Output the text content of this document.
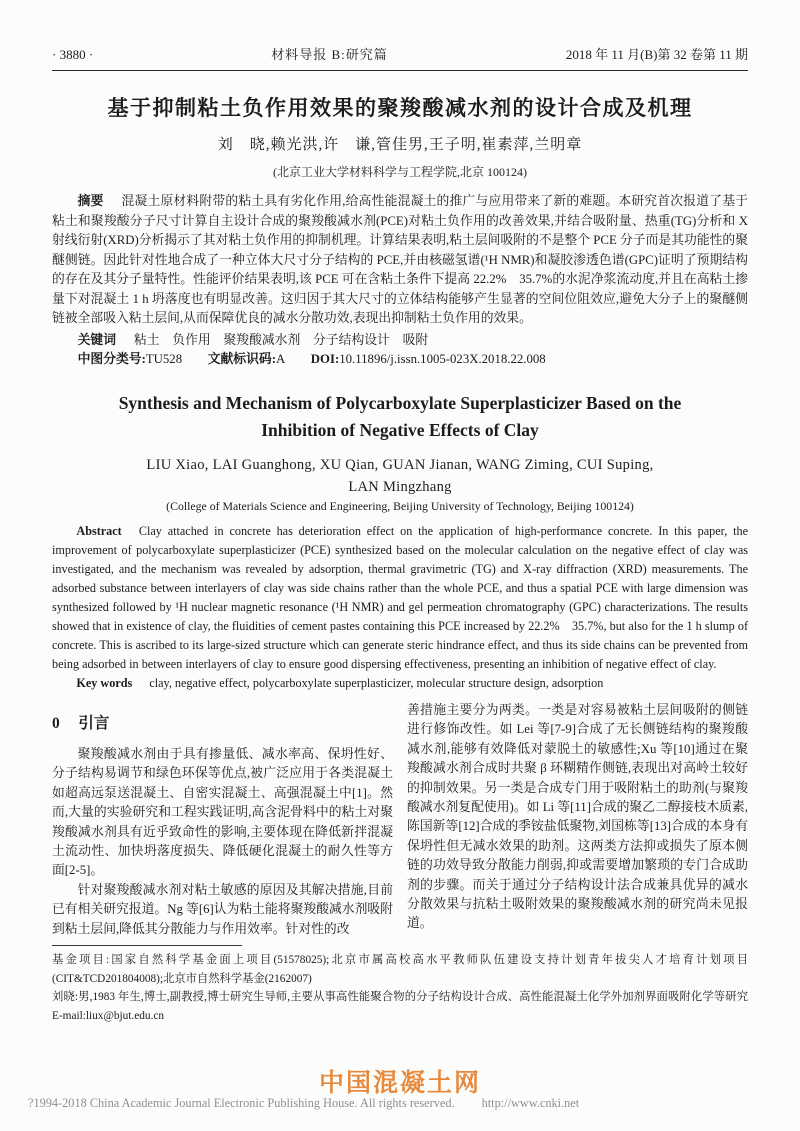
· 3880 ·	材料导报 B:研究篇	2018 年 11 月(B)第 32 卷第 11 期
基于抑制粘土负作用效果的聚羧酸减水剂的设计合成及机理
刘　晓,赖光洪,许　谦,管佳男,王子明,崔素萍,兰明章
(北京工业大学材料科学与工程学院,北京 100124)

摘要 混凝土原材料附带的粘土具有劣化作用,给高性能混凝土的推广与应用带来了新的难题。本研究首次报道了基于粘土和聚羧酸分子尺寸计算自主设计合成的聚羧酸减水剂(PCE)对粘土负作用的改善效果,并结合吸附量、热重(TG)分析和 X 射线衍射(XRD)分析揭示了其对粘土负作用的抑制机理。计算结果表明,粘土层间吸附的不是整个 PCE 分子而是其功能性的聚醚侧链。因此针对性地合成了一种立体大尺寸分子结构的 PCE,并由核磁氢谱(¹H NMR)和凝胶渗透色谱(GPC)证明了预期结构的存在及其分子量特性。性能评价结果表明,该 PCE 可在含粘土条件下提高 22.2%　35.7%的水泥净浆流动度,并且在高粘土掺量下对混凝土 1 h 坍落度也有明显改善。这归因于其大尺寸的立体结构能够产生显著的空间位阻效应,避免大分子上的聚醚侧链被全部吸入粘土层间,从而保障优良的减水分散功效,表现出抑制粘土负作用的效果。

关键词 粘土　负作用　聚羧酸减水剂　分子结构设计　吸附

中图分类号:TU528 文献标识码:A DOI:10.11896/j.issn.1005-023X.2018.22.008

Synthesis and Mechanism of Polycarboxylate Superplasticizer Based on the
Inhibition of Negative Effects of Clay
LIU Xiao, LAI Guanghong, XU Qian, GUAN Jianan, WANG Ziming, CUI Suping,
LAN Mingzhang
(College of Materials Science and Engineering, Beijing University of Technology, Beijing 100124)

Abstract Clay attached in concrete has deterioration effect on the application of high-performance concrete. In this paper, the improvement of polycarboxylate superplasticizer (PCE) synthesized based on the molecular calculation on the negative effect of clay was investigated, and the mechanism was revealed by adsorption, thermal gravimetric (TG) and X-ray diffraction (XRD) measurements. The adsorbed substance between interlayers of clay was side chains rather than the whole PCE, and thus a spatial PCE with large dimension was synthesized followed by ¹H nuclear magnetic resonance (¹H NMR) and gel permeation chromatography (GPC) characterizations. The results showed that in existence of clay, the fluidities of cement pastes containing this PCE increased by 22.2%　35.7%, but also for the 1 h slump of concrete. This is ascribed to its large-sized structure which can generate steric hindrance effect, and thus its side chains can be prevented from being adsorbed in between interlayers of clay to ensure good dispersing effectiveness, presenting an inhibition of negative effect of clay.

Key words clay, negative effect, polycarboxylate superplasticizer, molecular structure design, adsorption

0 引言

聚羧酸减水剂由于具有掺量低、减水率高、保坍性好、分子结构易调节和绿色环保等优点,被广泛应用于各类混凝土如超高远泵送混凝土、自密实混凝土、高强混凝土中[1]。然而,大量的实验研究和工程实践证明,高含泥骨料中的粘土对聚羧酸减水剂具有近乎致命性的影响,主要体现在降低新拌混凝土流动性、加快坍落度损失、降低硬化混凝土的耐久性等方面[2-5]。

针对聚羧酸减水剂对粘土敏感的原因及其解决措施,目前已有相关研究报道。Ng 等[6]认为粘土能将聚羧酸减水剂吸附到粘土层间,降低其分散能力与作用效率。针对性的改

善措施主要分为两类。一类是对容易被粘土层间吸附的侧链进行修饰改性。如 Lei 等[7-9]合成了无长侧链结构的聚羧酸减水剂,能够有效降低对蒙脱土的敏感性;Xu 等[10]通过在聚羧酸减水剂合成时共聚 β 环糊精作侧链,表现出对高岭土较好的抑制效果。另一类是合成专门用于吸附粘土的助剂(与聚羧酸减水剂复配使用)。如 Li 等[11]合成的聚乙二醇接枝木质素,陈国新等[12]合成的季铵盐低聚物,刘国栋等[13]合成的本身有保坍性但无减水效果的助剂。这两类方法抑或损失了原本侧链的功效导致分散能力削弱,抑或需要增加繁琐的专门合成助剂的步骤。而关于通过分子结构设计法合成兼具优异的减水分散效果与抗粘土吸附效果的聚羧酸减水剂的研究尚未见报道。

基金项目:国家自然科学基金面上项目(51578025);北京市属高校高水平教师队伍建设支持计划青年拔尖人才培育计划项目(CIT&TCD201804008);北京市自然科学基金(2162007)

刘晓:男,1983 年生,博士,副教授,博士研究生导师,主要从事高性能聚合物的分子结构设计合成、高性能混凝土化学外加剂界面吸附化学等研究　E-mail:liux@bjut.edu.cn

中国混凝土网
?1994-2018 China Academic Journal Electronic Publishing House. All rights reserved. http://www.cnki.net
